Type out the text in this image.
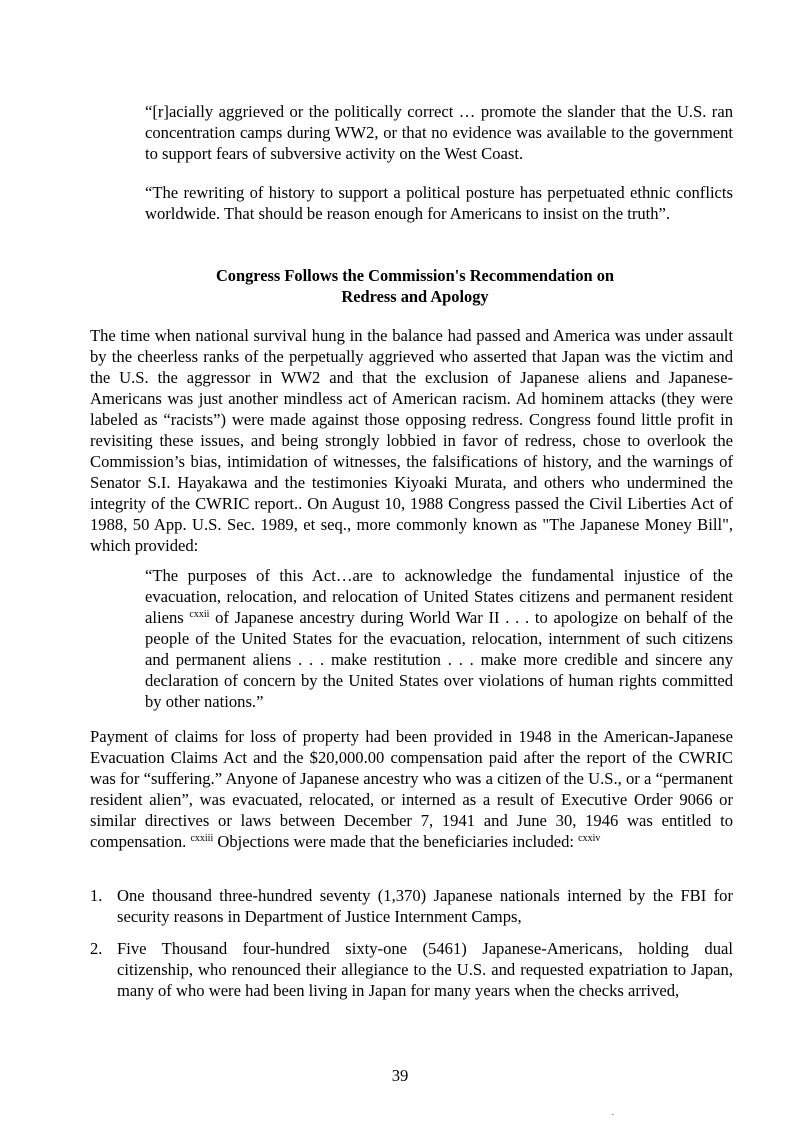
“[r]acially aggrieved or the politically correct … promote the slander that the U.S. ran concentration camps during WW2, or that no evidence was available to the government to support fears of subversive activity on the West Coast.

“The rewriting of history to support a political posture has perpetuated ethnic conflicts worldwide. That should be reason enough for Americans to insist on the truth”.

Congress Follows the Commission's Recommendation on
Redress and Apology

The time when national survival hung in the balance had passed and America was under assault by the cheerless ranks of the perpetually aggrieved who asserted that Japan was the victim and the U.S. the aggressor in WW2 and that the exclusion of Japanese aliens and Japanese-Americans was just another mindless act of American racism. Ad hominem attacks (they were labeled as “racists”) were made against those opposing redress. Congress found little profit in revisiting these issues, and being strongly lobbied in favor of redress, chose to overlook the Commission’s bias, intimidation of witnesses, the falsifications of history, and the warnings of Senator S.I. Hayakawa and the testimonies Kiyoaki Murata, and others who undermined the integrity of the CWRIC report.. On August 10, 1988 Congress passed the Civil Liberties Act of 1988, 50 App. U.S. Sec. 1989, et seq., more commonly known as "The Japanese Money Bill", which provided:

“The purposes of this Act…are to acknowledge the fundamental injustice of the evacuation, relocation, and relocation of United States citizens and permanent resident aliens $^{cxxii}$ of Japanese ancestry during World War II . . . to apologize on behalf of the people of the United States for the evacuation, relocation, internment of such citizens and permanent aliens . . . make restitution . . . make more credible and sincere any declaration of concern by the United States over violations of human rights committed by other nations.”

Payment of claims for loss of property had been provided in 1948 in the American-Japanese Evacuation Claims Act and the $20,000.00 compensation paid after the report of the CWRIC was for “suffering.” Anyone of Japanese ancestry who was a citizen of the U.S., or a “permanent resident alien”, was evacuated, relocated, or interned as a result of Executive Order 9066 or similar directives or laws between December 7, 1941 and June 30, 1946 was entitled to compensation. $^{cxxiii}$ Objections were made that the beneficiaries included: $^{cxxiv}$

1. One thousand three-hundred seventy (1,370) Japanese nationals interned by the FBI for security reasons in Department of Justice Internment Camps,
2. Five Thousand four-hundred sixty-one (5461) Japanese-Americans, holding dual citizenship, who renounced their allegiance to the U.S. and requested expatriation to Japan, many of who were had been living in Japan for many years when the checks arrived,
39
